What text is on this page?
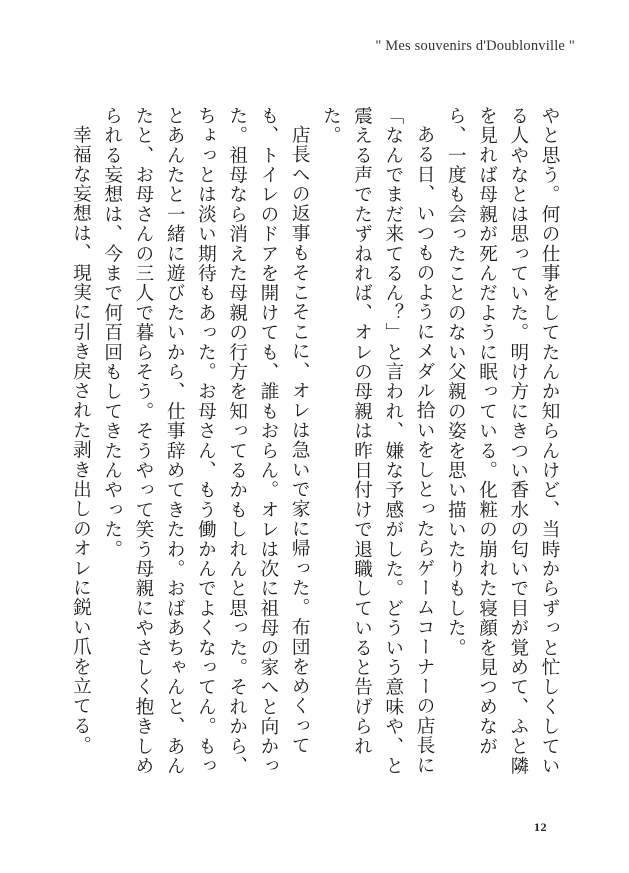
" Mes souvenirs d'Doublonville "

やと思う。何の仕事をしてたんか知らんけど、当時からずっと忙しくしている人やなとは思っていた。明け方にきつい香水の匂いで目が覚めて、ふと隣を見れば母親が死んだように眠っている。化粧の崩れた寝顔を見つめながら、一度も会ったことのない父親の姿を思い描いたりもした。

ある日、いつものようにメダル拾いをしとったらゲームコーナーの店長に「なんでまだ来てるん？」と言われ、嫌な予感がした。どういう意味や、と震える声でたずねれば、オレの母親は昨日付けで退職していると告げられた。

店長への返事もそこそこに、オレは急いで家に帰った。布団をめくっても、トイレのドアを開けても、誰もおらん。オレは次に祖母の家へと向かった。祖母なら消えた母親の行方を知ってるかもしれんと思った。それから、ちょっとは淡い期待もあった。お母さん、もう働かんでよくなってん。もっとあんたと一緒に遊びたいから、仕事辞めてきたわ。おばあちゃんと、あんたと、お母さんの三人で暮らそう。そうやって笑う母親にやさしく抱きしめられる妄想は、今まで何百回もしてきたんやった。

幸福な妄想は、現実に引き戻された剥き出しのオレに鋭い爪を立てる。

12
